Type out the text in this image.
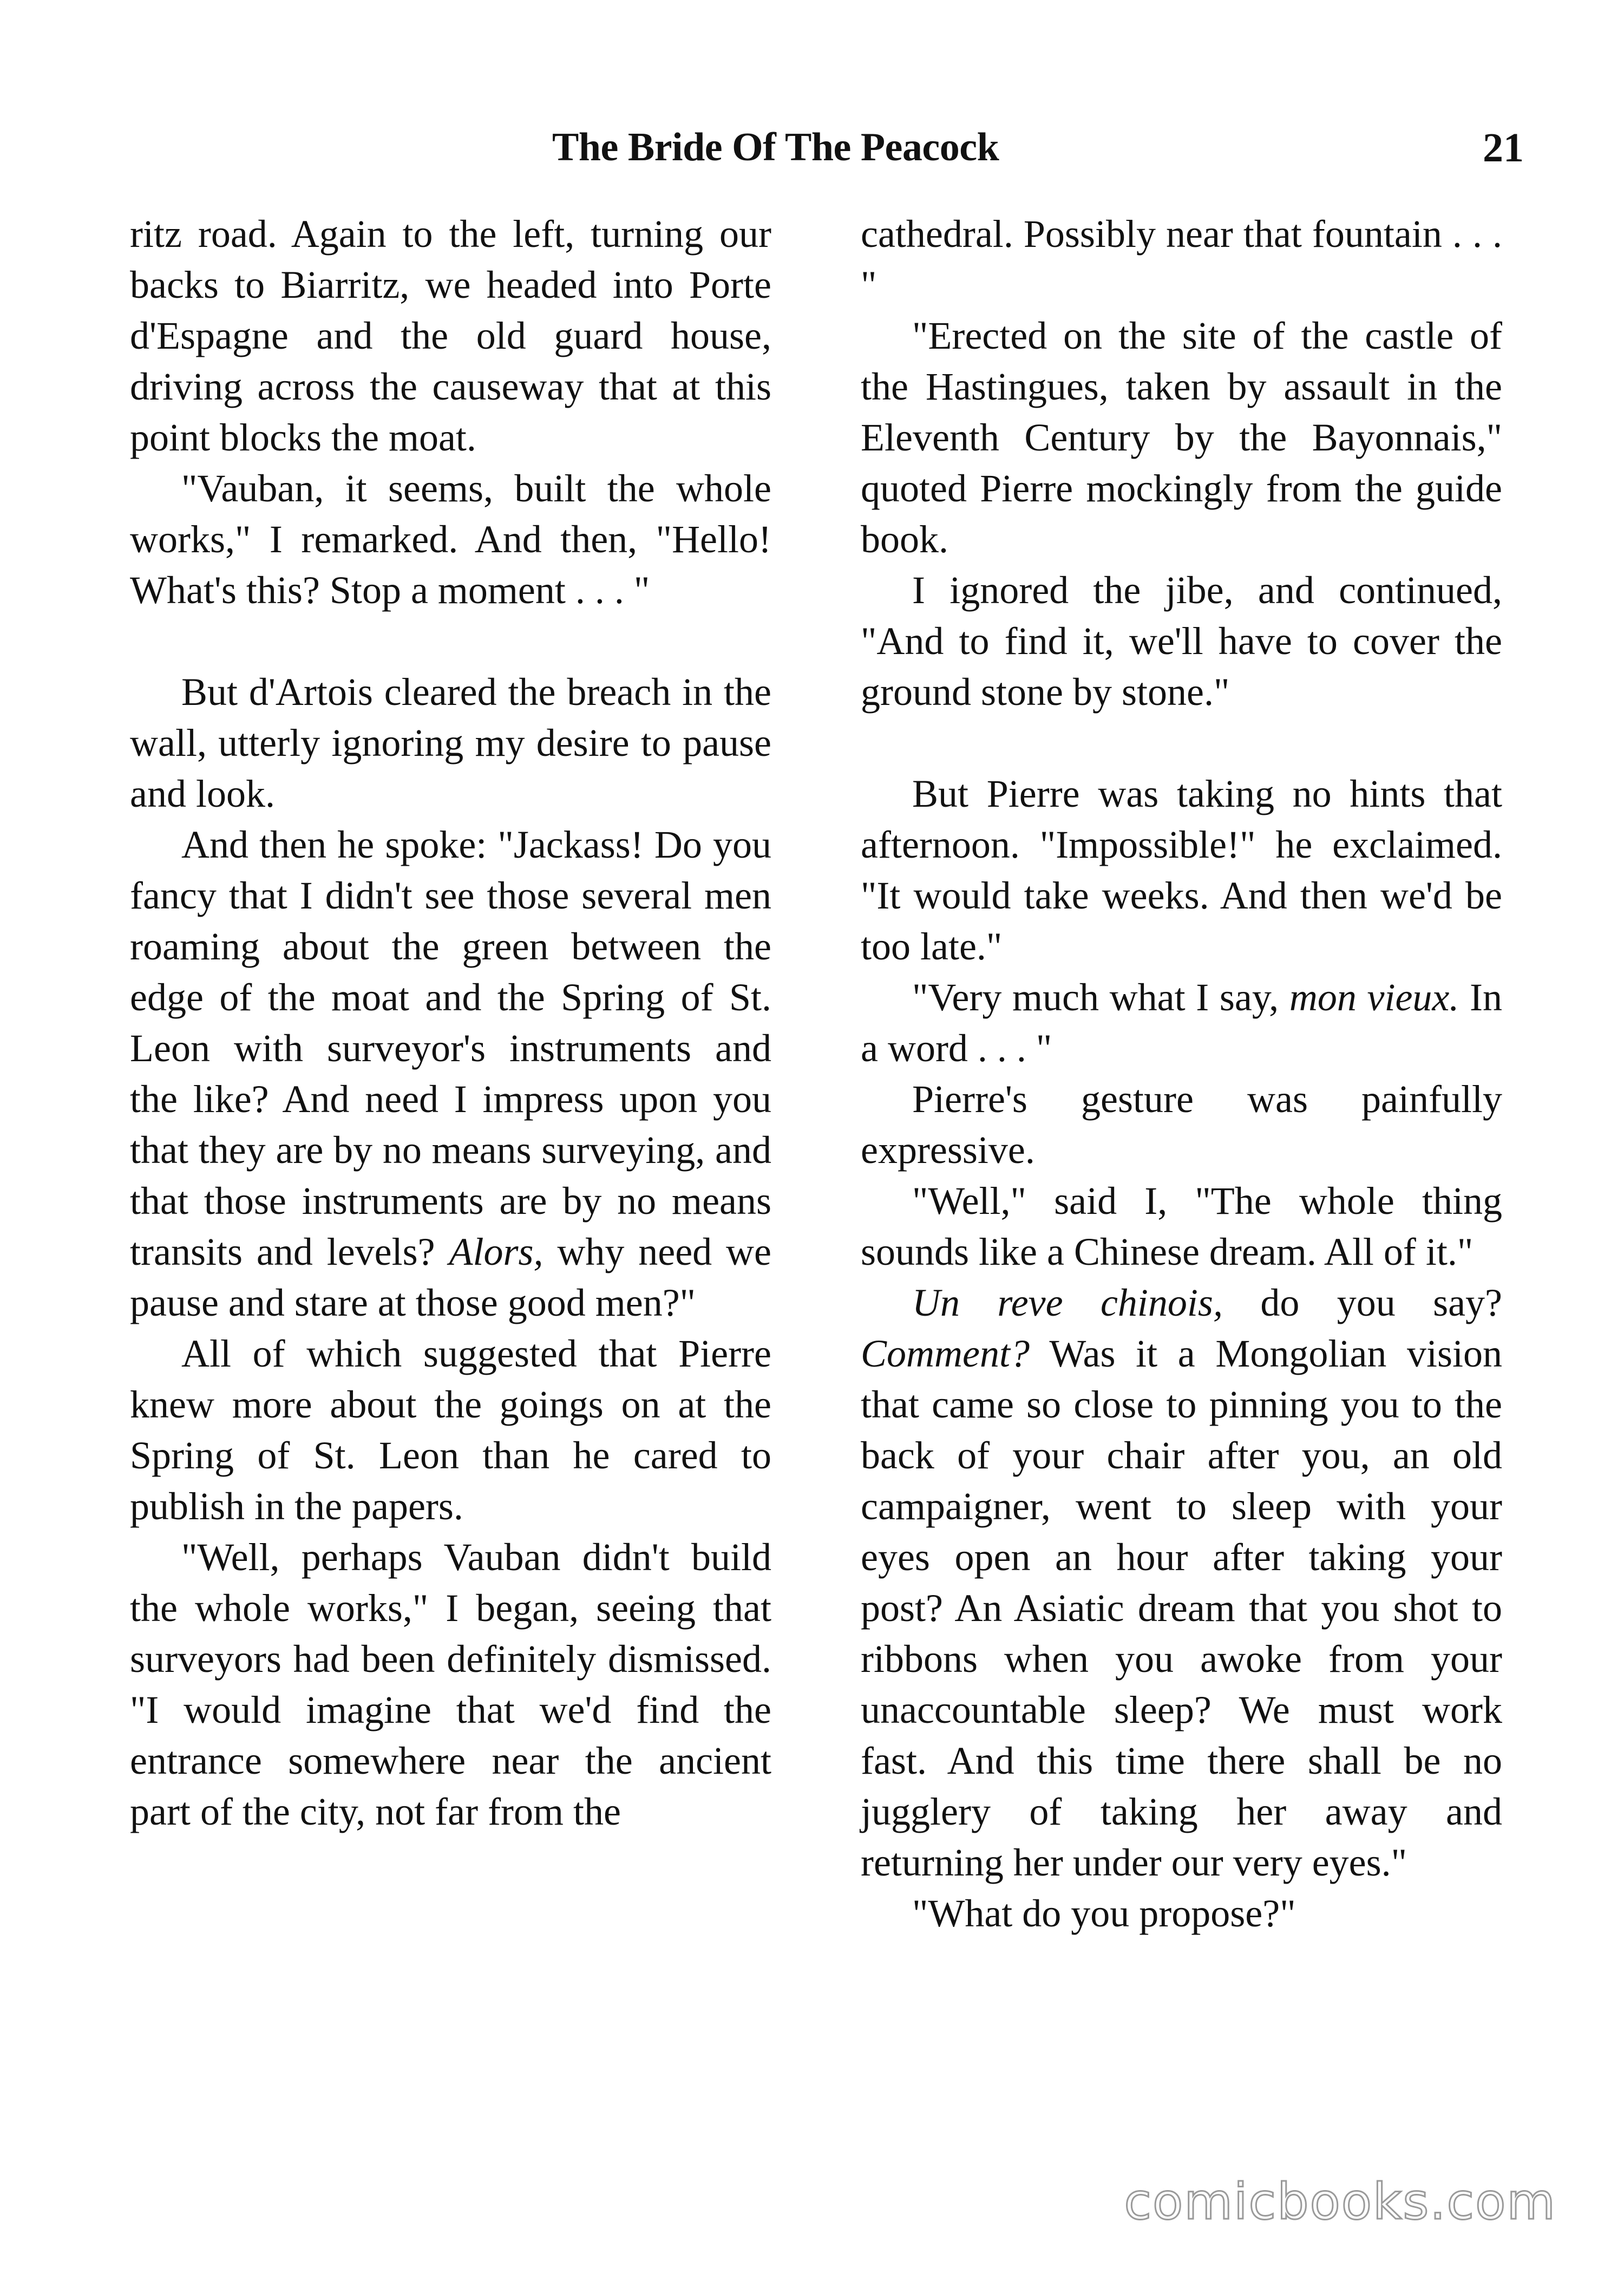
The Bride Of The Peacock	21

ritz road. Again to the left, turning our backs to Biarritz, we headed into Porte d'Espagne and the old guard house, driving across the causeway that at this point blocks the moat.

"Vauban, it seems, built the whole works," I remarked. And then, "Hello! What's this? Stop a moment . . . "

But d'Artois cleared the breach in the wall, utterly ignoring my desire to pause and look.

And then he spoke: "Jackass! Do you fancy that I didn't see those several men roaming about the green between the edge of the moat and the Spring of St. Leon with surveyor's instruments and the like? And need I impress upon you that they are by no means surveying, and that those instruments are by no means transits and levels? Alors, why need we pause and stare at those good men?"

All of which suggested that Pierre knew more about the goings on at the Spring of St. Leon than he cared to publish in the papers.

"Well, perhaps Vauban didn't build the whole works," I began, seeing that surveyors had been definitely dismissed. "I would imagine that we'd find the entrance somewhere near the ancient part of the city, not far from the

cathedral. Possibly near that fountain . . . "

"Erected on the site of the castle of the Hastingues, taken by assault in the Eleventh Century by the Bayonnais," quoted Pierre mockingly from the guide book.

I ignored the jibe, and continued, "And to find it, we'll have to cover the ground stone by stone."

But Pierre was taking no hints that afternoon. "Impossible!" he exclaimed. "It would take weeks. And then we'd be too late."

"Very much what I say, mon vieux. In a word . . . "

Pierre's gesture was painfully expressive.

"Well," said I, "The whole thing sounds like a Chinese dream. All of it."

Un reve chinois, do you say? Comment? Was it a Mongolian vision that came so close to pinning you to the back of your chair after you, an old campaigner, went to sleep with your eyes open an hour after taking your post? An Asiatic dream that you shot to ribbons when you awoke from your unaccountable sleep? We must work fast. And this time there shall be no jugglery of taking her away and returning her under our very eyes."

"What do you propose?"

comicbooks.com
